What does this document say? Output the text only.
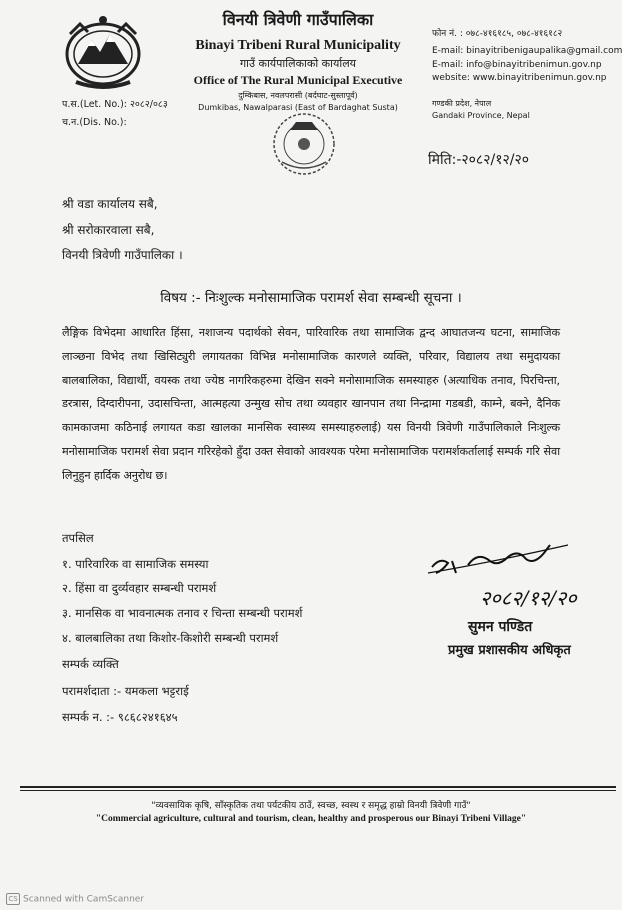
विनयी त्रिवेणी गाउँपालिका
Binayi Tribeni Rural Municipality
गाउँ कार्यपालिकाको कार्यालय
Office of The Rural Municipal Executive
दुम्किबास, नवलपरासी (बर्दघाट-सुस्तापूर्व)
Dumkibas, Nawalparasi (East of Bardaghat Susta)
फोन नं. : ०७८-४१६१८५, ०७८-४१६१८२
E-mail: binayitribenigaupalika@gmail.com
E-mail: info@binayitribenimun.gov.np
website: www.binayitribenimun.gov.np
गण्डकी प्रदेश, नेपाल
Gandaki Province, Nepal
प.स.(Let. No.): २०८२/०८३
च.न.(Dis. No.):
मिति:-२०८२/१२/२०
श्री वडा कार्यालय सबै,
श्री सरोकारवाला सबै,
विनयी त्रिवेणी गाउँपालिका ।
विषय :- निःशुल्क मनोसामाजिक परामर्श सेवा सम्बन्धी सूचना ।
लैङ्गिक विभेदमा आधारित हिंसा, नशाजन्य पदार्थको सेवन, पारिवारिक तथा सामाजिक द्वन्द आघातजन्य घटना, सामाजिक लाञ्छना विभेद तथा खिसिट्युरी लगायतका विभिन्न मनोसामाजिक कारणले व्यक्ति, परिवार, विद्यालय तथा समुदायका बालबालिका, विद्यार्थी, वयस्क तथा ज्येष्ठ नागरिकहरुमा देखिन सक्ने मनोसामाजिक समस्याहरु (अत्याधिक तनाव, पिरचिन्ता, डरत्रास, दिग्दारीपना, उदासचिन्ता, आत्महत्या उन्मुख सोच तथा व्यवहार खानपान तथा निन्द्रामा गडबडी, काम्ने, बक्ने, दैनिक कामकाजमा कठिनाई लगायत कडा खालका मानसिक स्वास्थ्य समस्याहरुलाई) यस विनयी त्रिवेणी गाउँपालिकाले निःशुल्क मनोसामाजिक परामर्श सेवा प्रदान गरिरहेको हुँदा उक्त सेवाको आवश्यक परेमा मनोसामाजिक परामर्शकर्तालाई सम्पर्क गरि सेवा लिनुहुन हार्दिक अनुरोध छ।
तपसिल
१. पारिवारिक वा सामाजिक समस्या
२. हिंसा वा दुर्व्यवहार सम्बन्धी परामर्श
३. मानसिक वा भावनात्मक तनाव र चिन्ता सम्बन्धी परामर्श
४. बालबालिका तथा किशोर-किशोरी सम्बन्धी परामर्श
सम्पर्क व्यक्ति
परामर्शदाता :- यमकला भट्टराई
सम्पर्क न. :- ९८६८२४१६४५
२०८२/१२/२०
सुमन पण्डित
प्रमुख प्रशासकीय अधिकृत
"व्यवसायिक कृषि, साँस्कृतिक तथा पर्यटकीय ठाउँ, स्वच्छ, स्वस्थ र समृद्ध हाम्रो विनयी त्रिवेणी गाउँ"
"Commercial agriculture, cultural and tourism, clean, healthy and prosperous our Binayi Tribeni Village"
CS Scanned with CamScanner
